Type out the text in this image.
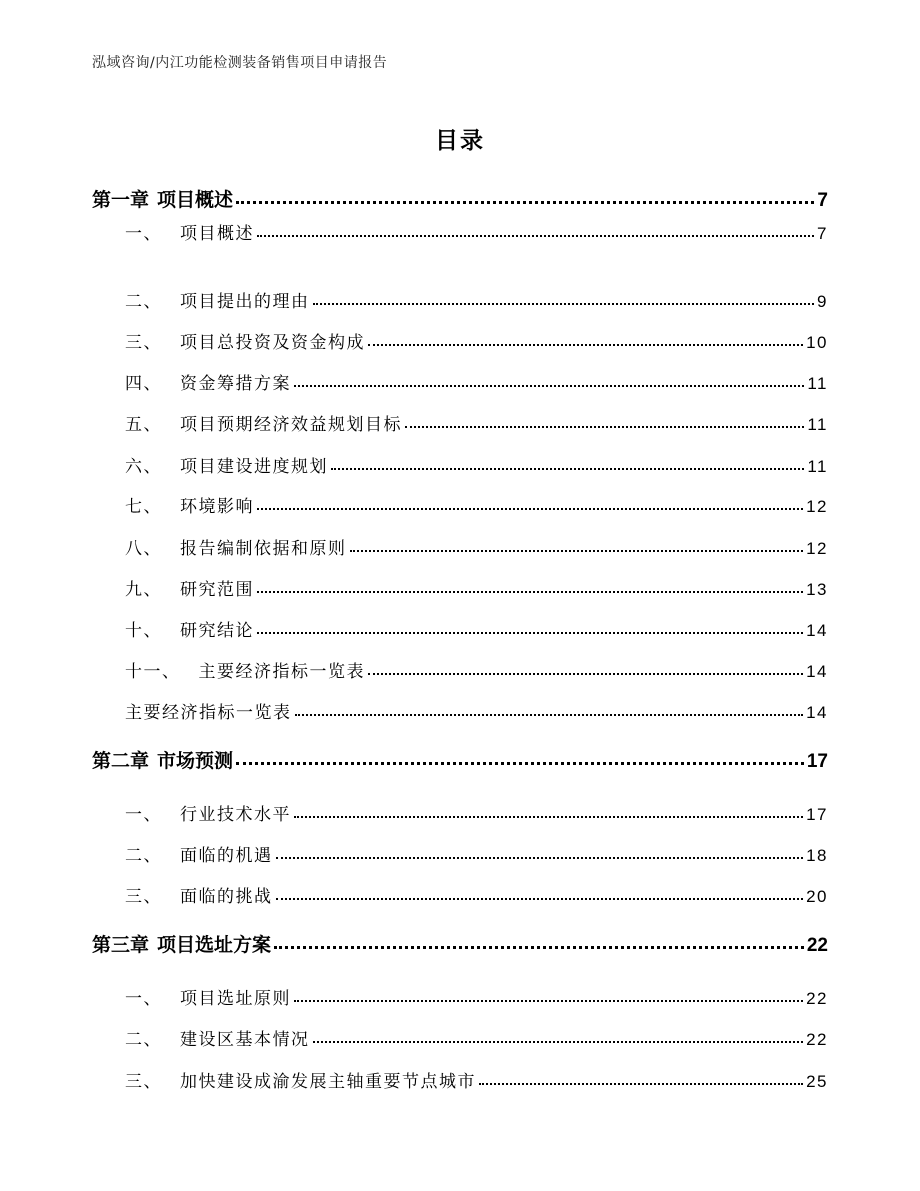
泓域咨询/内江功能检测装备销售项目申请报告
目录
第一章 项目概述	7
一、 项目概述	7
二、 项目提出的理由	9
三、 项目总投资及资金构成	10
四、 资金筹措方案	11
五、 项目预期经济效益规划目标	11
六、 项目建设进度规划	11
七、 环境影响	12
八、 报告编制依据和原则	12
九、 研究范围	13
十、 研究结论	14
十一、 主要经济指标一览表	14
主要经济指标一览表	14
第二章 市场预测	17
一、 行业技术水平	17
二、 面临的机遇	18
三、 面临的挑战	20
第三章 项目选址方案	22
一、 项目选址原则	22
二、 建设区基本情况	22
三、 加快建设成渝发展主轴重要节点城市	25
